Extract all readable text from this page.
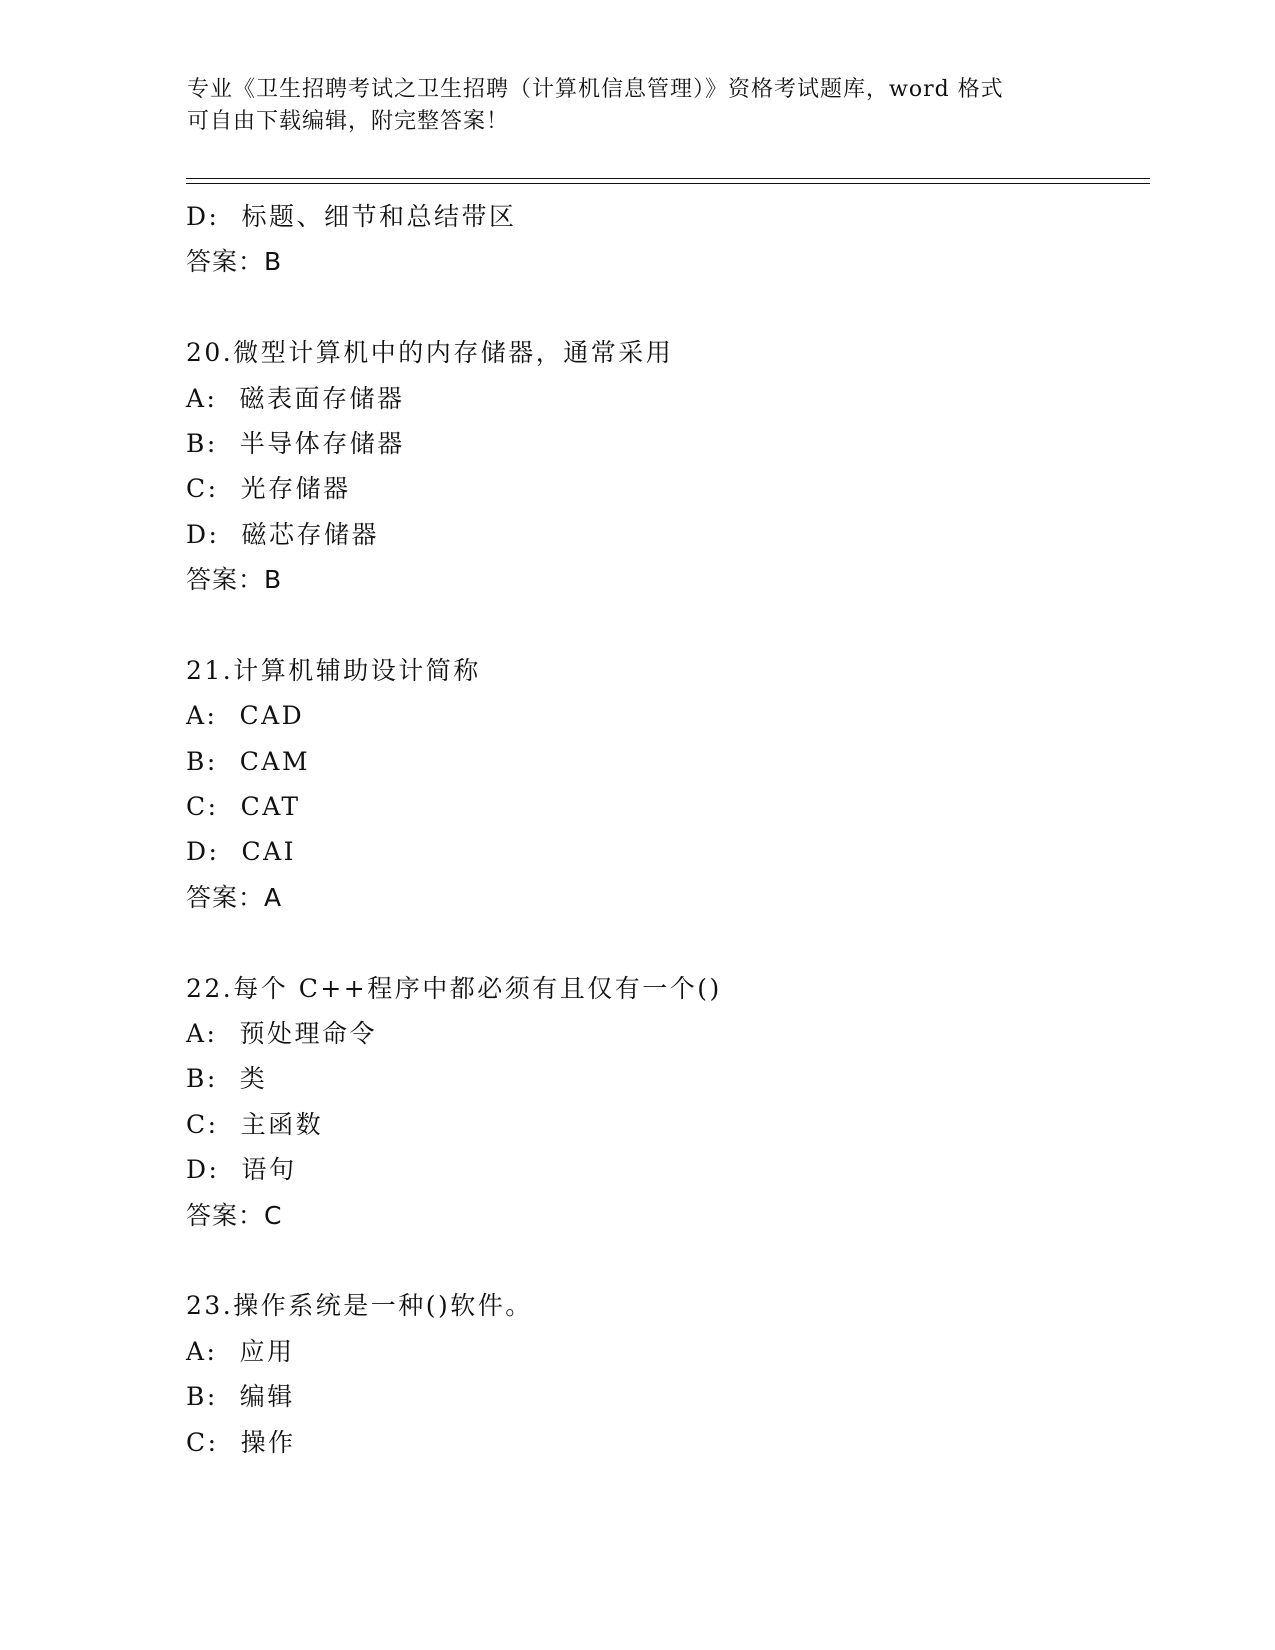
专业《卫生招聘考试之卫生招聘（计算机信息管理）》资格考试题库，word 格式
可自由下载编辑，附完整答案！
D: 标题、细节和总结带区
答案：B
20.微型计算机中的内存储器，通常采用
A: 磁表面存储器
B: 半导体存储器
C: 光存储器
D: 磁芯存储器
答案：B
21.计算机辅助设计简称
A: CAD
B: CAM
C: CAT
D: CAI
答案：A
22.每个 C++程序中都必须有且仅有一个()
A: 预处理命令
B: 类
C: 主函数
D: 语句
答案：C
23.操作系统是一种()软件。
A: 应用
B: 编辑
C: 操作
